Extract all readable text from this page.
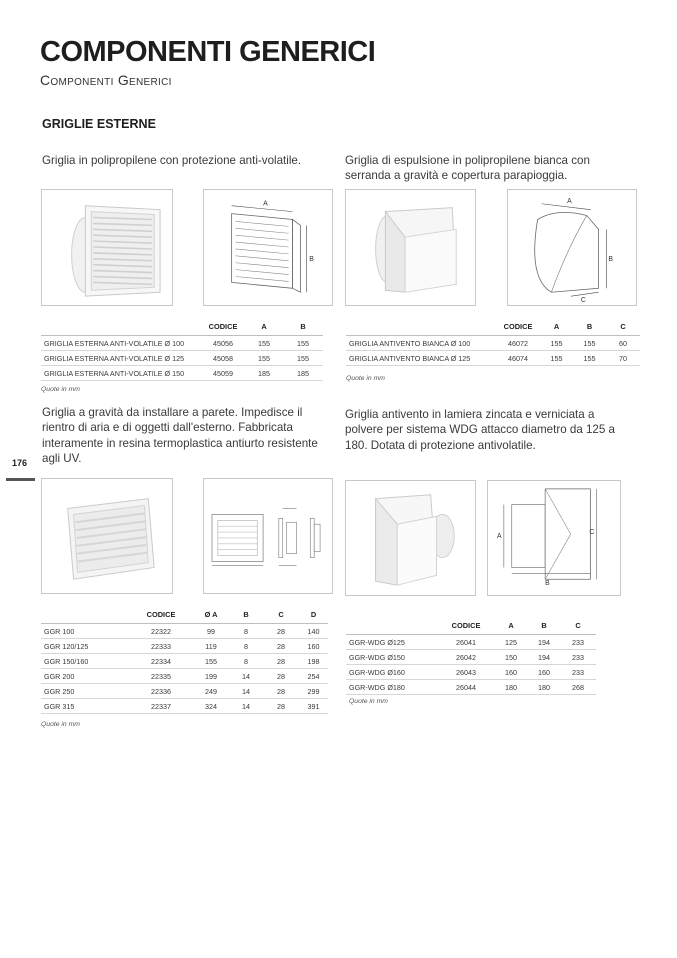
COMPONENTI GENERICI
Componenti Generici
GRIGLIE ESTERNE
176
Griglia in polipropilene con protezione anti-volatile.
A
B
	CODICE	A	B
GRIGLIA ESTERNA ANTI-VOLATILE Ø 100	45056	155	155
GRIGLIA ESTERNA ANTI-VOLATILE Ø 125	45058	155	155
GRIGLIA ESTERNA ANTI-VOLATILE Ø 150	45059	185	185
Quote in mm
Griglia di espulsione in polipropilene bianca con serranda a gravità e copertura parapioggia.
A
B
C
	CODICE	A	B	C
GRIGLIA ANTIVENTO BIANCA Ø 100	46072	155	155	60
GRIGLIA ANTIVENTO BIANCA Ø 125	46074	155	155	70
Quote in mm
Griglia a gravità da installare a parete. Impedisce il rientro di aria e di oggetti dall'esterno. Fabbricata interamente in resina termoplastica antiurto resistente agli UV.
	CODICE	Ø A	B	C	D
GGR 100	22322	99	8	28	140
GGR 120/125	22333	119	8	28	160
GGR 150/160	22334	155	8	28	198
GGR 200	22335	199	14	28	254
GGR 250	22336	249	14	28	299
GGR 315	22337	324	14	28	391
Quote in mm
Griglia antivento in lamiera zincata e verniciata a polvere per sistema WDG attacco diametro da 125 a 180. Dotata di protezione antivolatile.
A
B
C
	CODICE	A	B	C
GGR-WDG Ø125	26041	125	194	233
GGR-WDG Ø150	26042	150	194	233
GGR-WDG Ø160	26043	160	160	233
GGR-WDG Ø180	26044	180	180	268
Quote in mm
